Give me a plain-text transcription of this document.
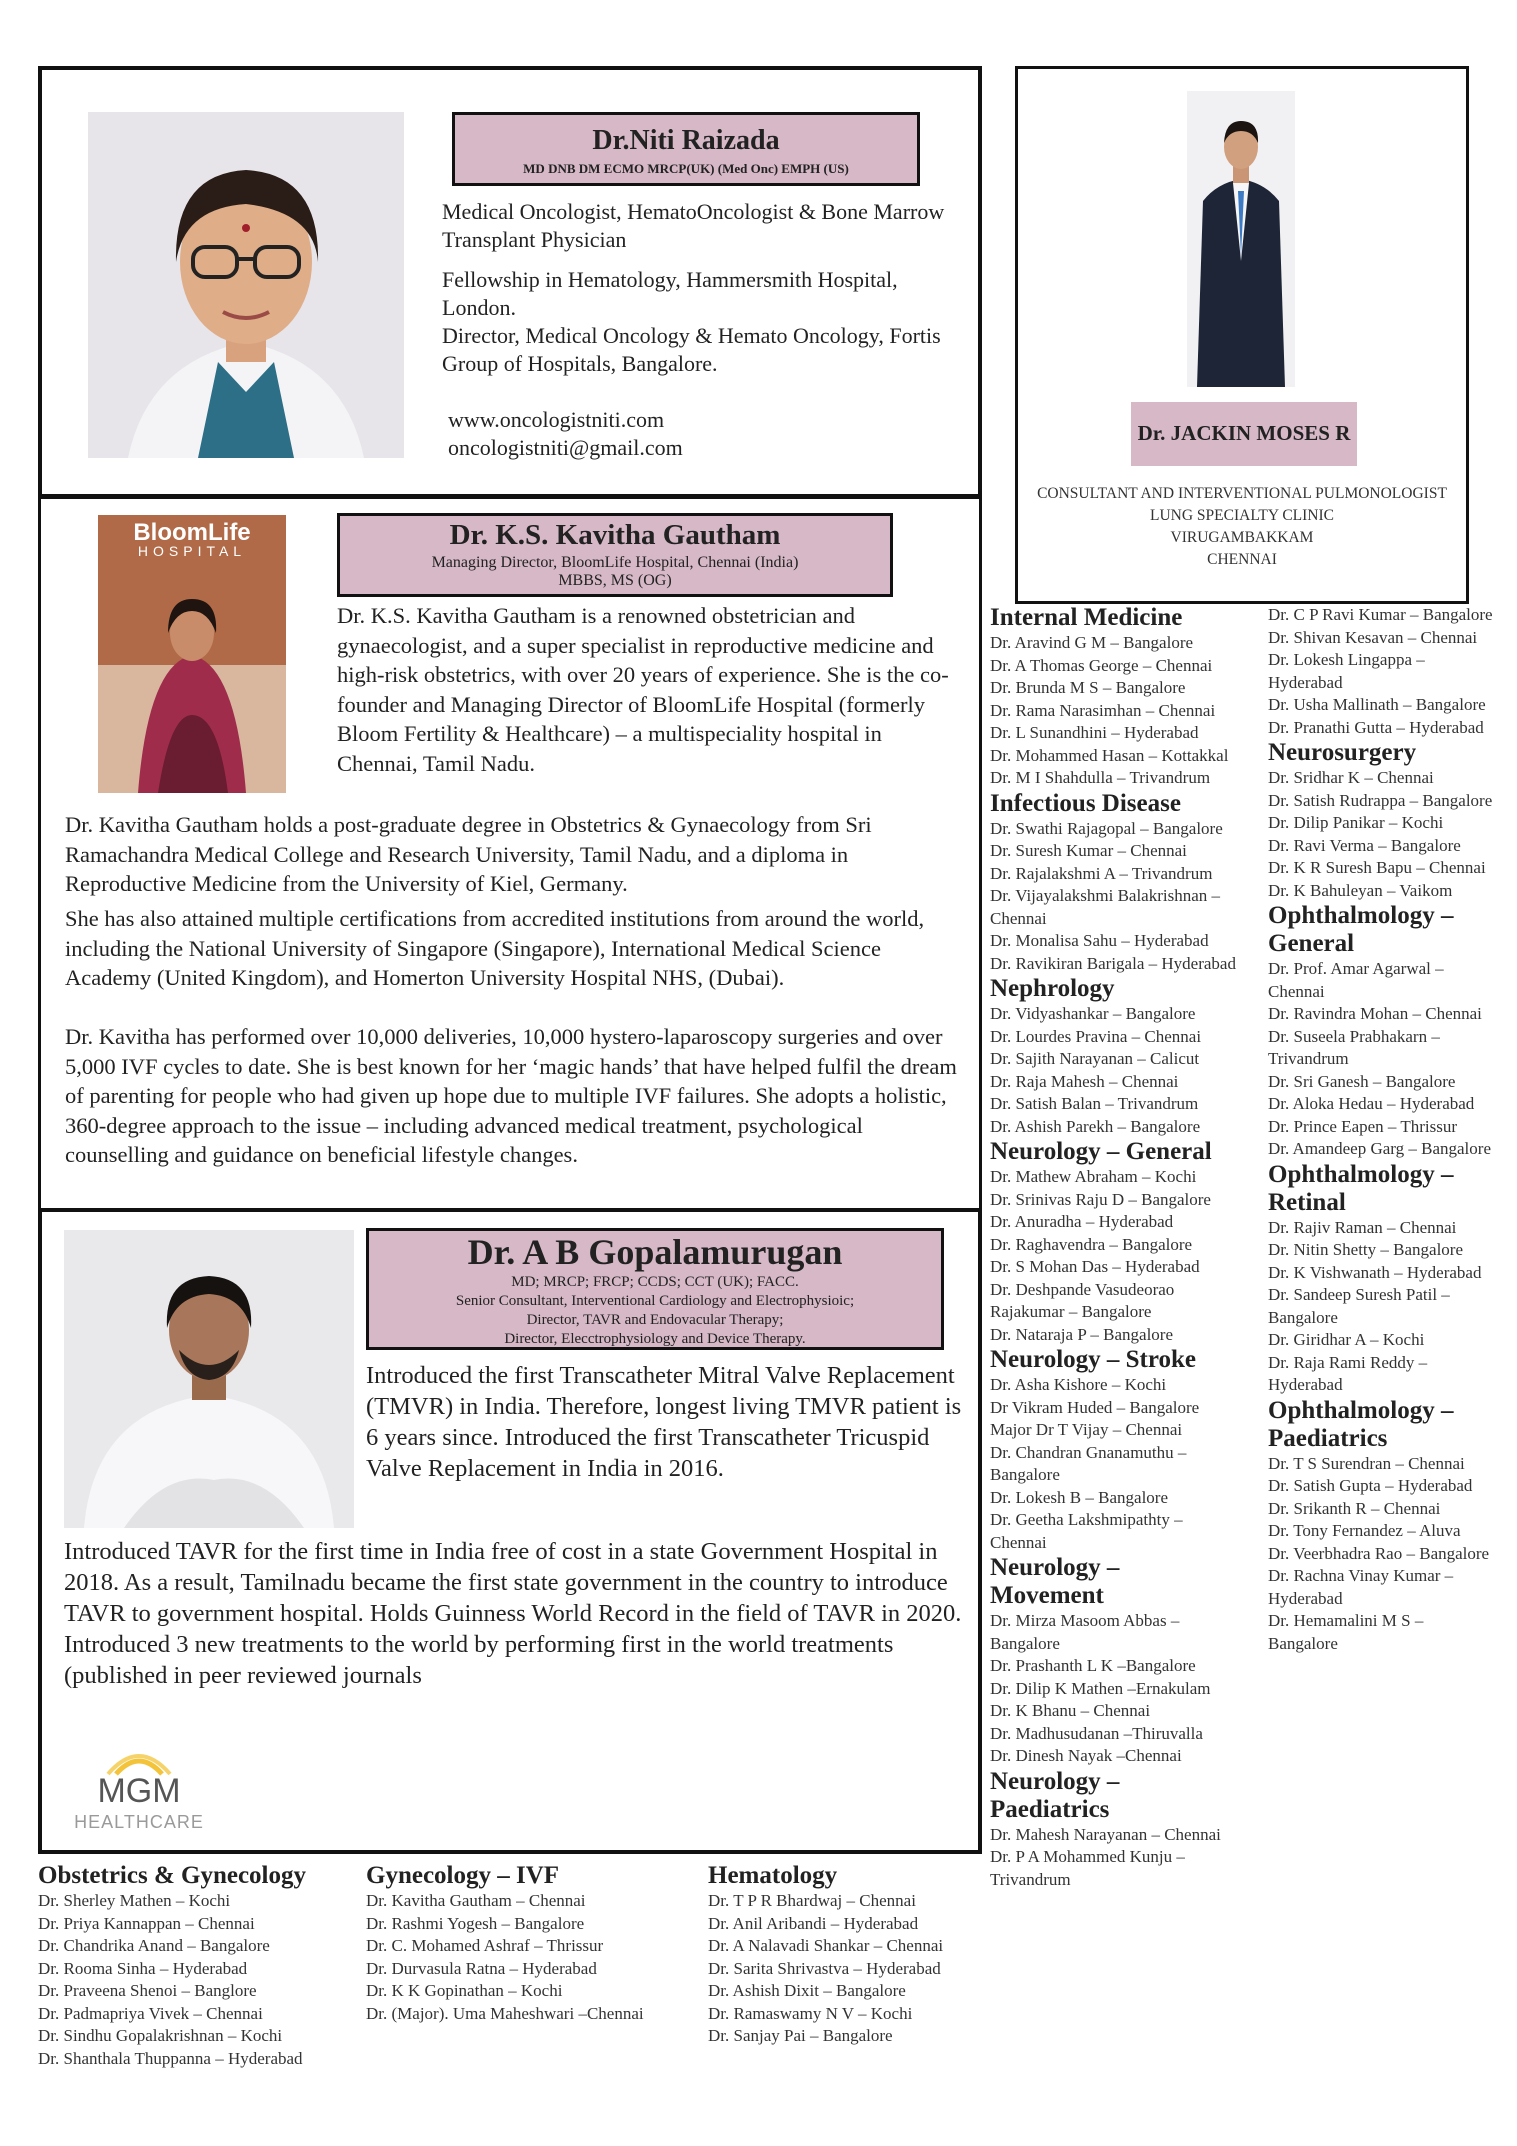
Dr.Niti Raizada
MD DNB DM ECMO MRCP(UK) (Med Onc) EMPH (US)
Medical Oncologist, HematoOncologist & Bone Marrow Transplant Physician
Fellowship in Hematology, Hammersmith Hospital, London.
Director, Medical Oncology & Hemato Oncology, Fortis Group of Hospitals, Bangalore.
www.oncologistniti.com
oncologistniti@gmail.com
Dr. JACKIN MOSES R
CONSULTANT AND INTERVENTIONAL PULMONOLOGIST
LUNG SPECIALTY CLINIC
VIRUGAMBAKKAM
CHENNAI
BloomLife
HOSPITAL	Dr. K.S. Kavitha Gautham
Managing Director, BloomLife Hospital, Chennai (India)
MBBS, MS (OG)
Dr. K.S. Kavitha Gautham is a renowned obstetrician and gynaecologist, and a super specialist in reproductive medicine and high-risk obstetrics, with over 20 years of experience. She is the co-founder and Managing Director of BloomLife Hospital (formerly Bloom Fertility & Healthcare) – a multispeciality hospital in Chennai, Tamil Nadu.
Dr. Kavitha Gautham holds a post-graduate degree in Obstetrics & Gynaecology from Sri Ramachandra Medical College and Research University, Tamil Nadu, and a diploma in Reproductive Medicine from the University of Kiel, Germany.
She has also attained multiple certifications from accredited institutions from around the world, including the National University of Singapore (Singapore), International Medical Science Academy (United Kingdom), and Homerton University Hospital NHS, (Dubai).
Dr. Kavitha has performed over 10,000 deliveries, 10,000 hystero-laparoscopy surgeries and over 5,000 IVF cycles to date. She is best known for her ‘magic hands’ that have helped fulfil the dream of parenting for people who had given up hope due to multiple IVF failures. She adopts a holistic, 360-degree approach to the issue – including advanced medical treatment, psychological counselling and guidance on beneficial lifestyle changes.
Dr. A B Gopalamurugan
MD; MRCP; FRCP; CCDS; CCT (UK); FACC.
Senior Consultant, Interventional Cardiology and Electrophysioic;
Director, TAVR and Endovacular Therapy;
Director, Elecctrophysiology and Device Therapy.
Introduced the first Transcatheter Mitral Valve Replacement (TMVR) in India. Therefore, longest living TMVR patient is 6 years since. Introduced the first Transcatheter Tricuspid Valve Replacement in India in 2016.
Introduced TAVR for the first time in India free of cost in a state Government Hospital in 2018. As a result, Tamilnadu became the first state government in the country to introduce TAVR to government hospital. Holds Guinness World Record in the field of TAVR in 2020. Introduced 3 new treatments to the world by performing first in the world treatments (published in peer reviewed journals
MGM
HEALTHCARE
Obstetrics & Gynecology
Dr. Sherley Mathen – Kochi
Dr. Priya Kannappan – Chennai
Dr. Chandrika Anand – Bangalore
Dr. Rooma Sinha – Hyderabad
Dr. Praveena Shenoi – Banglore
Dr. Padmapriya Vivek – Chennai
Dr. Sindhu Gopalakrishnan – Kochi
Dr. Shanthala Thuppanna – Hyderabad
Gynecology – IVF
Dr. Kavitha Gautham – Chennai
Dr. Rashmi Yogesh – Bangalore
Dr. C. Mohamed Ashraf – Thrissur
Dr. Durvasula Ratna – Hyderabad
Dr. K K Gopinathan – Kochi
Dr. (Major). Uma Maheshwari –Chennai
Hematology
Dr. T P R Bhardwaj – Chennai
Dr. Anil Aribandi – Hyderabad
Dr. A Nalavadi Shankar – Chennai
Dr. Sarita Shrivastva – Hyderabad
Dr. Ashish Dixit – Bangalore
Dr. Ramaswamy N V – Kochi
Dr. Sanjay Pai – Bangalore
Internal Medicine
Dr. Aravind G M – Bangalore
Dr. A Thomas George – Chennai
Dr. Brunda M S – Bangalore
Dr. Rama Narasimhan – Chennai
Dr. L Sunandhini – Hyderabad
Dr. Mohammed Hasan – Kottakkal
Dr. M I Shahdulla – Trivandrum
Infectious Disease
Dr. Swathi Rajagopal – Bangalore
Dr. Suresh Kumar – Chennai
Dr. Rajalakshmi A – Trivandrum
Dr. Vijayalakshmi Balakrishnan – Chennai
Dr. Monalisa Sahu – Hyderabad
Dr. Ravikiran Barigala – Hyderabad
Nephrology
Dr. Vidyashankar – Bangalore
Dr. Lourdes Pravina – Chennai
Dr. Sajith Narayanan – Calicut
Dr. Raja Mahesh – Chennai
Dr. Satish Balan – Trivandrum
Dr. Ashish Parekh – Bangalore
Neurology – General
Dr. Mathew Abraham – Kochi
Dr. Srinivas Raju D – Bangalore
Dr. Anuradha – Hyderabad
Dr. Raghavendra – Bangalore
Dr. S Mohan Das – Hyderabad
Dr. Deshpande Vasudeorao Rajakumar – Bangalore
Dr. Nataraja P – Bangalore
Neurology – Stroke
Dr. Asha Kishore – Kochi
Dr Vikram Huded – Bangalore
Major Dr T Vijay – Chennai
Dr. Chandran Gnanamuthu – Bangalore
Dr. Lokesh B – Bangalore
Dr. Geetha Lakshmipathty – Chennai
Neurology – Movement
Dr. Mirza Masoom Abbas – Bangalore
Dr. Prashanth L K –Bangalore
Dr. Dilip K Mathen –Ernakulam
Dr. K Bhanu – Chennai
Dr. Madhusudanan –Thiruvalla
Dr. Dinesh Nayak –Chennai
Neurology –Paediatrics
Dr. Mahesh Narayanan – Chennai
Dr. P A Mohammed Kunju – Trivandrum
Dr. C P Ravi Kumar – Bangalore
Dr. Shivan Kesavan – Chennai
Dr. Lokesh Lingappa – Hyderabad
Dr. Usha Mallinath – Bangalore
Dr. Pranathi Gutta – Hyderabad
Neurosurgery
Dr. Sridhar K – Chennai
Dr. Satish Rudrappa – Bangalore
Dr. Dilip Panikar – Kochi
Dr. Ravi Verma – Bangalore
Dr. K R Suresh Bapu – Chennai
Dr. K Bahuleyan – Vaikom
Ophthalmology – General
Dr. Prof. Amar Agarwal – Chennai
Dr. Ravindra Mohan – Chennai
Dr. Suseela Prabhakarn – Trivandrum
Dr. Sri Ganesh – Bangalore
Dr. Aloka Hedau – Hyderabad
Dr. Prince Eapen – Thrissur
Dr. Amandeep Garg – Bangalore
Ophthalmology – Retinal
Dr. Rajiv Raman – Chennai
Dr. Nitin Shetty – Bangalore
Dr. K Vishwanath – Hyderabad
Dr. Sandeep Suresh Patil – Bangalore
Dr. Giridhar A – Kochi
Dr. Raja Rami Reddy – Hyderabad
Ophthalmology – Paediatrics
Dr. T S Surendran – Chennai
Dr. Satish Gupta – Hyderabad
Dr. Srikanth R – Chennai
Dr. Tony Fernandez – Aluva
Dr. Veerbhadra Rao – Bangalore
Dr. Rachna Vinay Kumar – Hyderabad
Dr. Hemamalini M S – Bangalore
